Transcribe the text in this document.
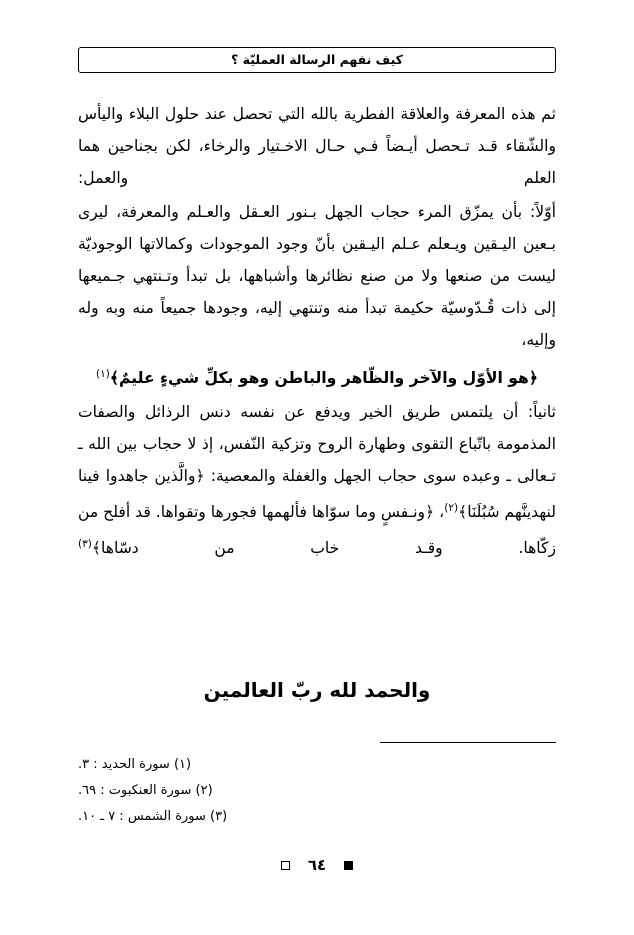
كيف نفهم الرسالة العمليّة ؟

ثم هذه المعرفة والعلاقة الفطرية بالله التي تحصل عند حلول البلاء واليأس والشّقاء قـد تـحصل أيـضاً فـي حـال الاخـتيار والرخاء، لكن بجناحين هما العلم والعمل:

أوّلاً: بأن يمزّق المرء حجاب الجهل بـنور العـقل والعـلم والمعرفة، ليرى بـعين اليـقين ويـعلم عـلم اليـقين بأنّ وجود الموجودات وكمالاتها الوجوديّة ليست من صنعها ولا من صنع نظائرها وأشباهها، بل تبدأ وتـنتهي جـميعها إلى ذات قُـدّوسيّة حكيمة تبدأ منه وتنتهي إليه، وجودها جميعاً منه وبه وله وإليه،

﴿هو الأوّل والآخر والظّاهر والباطن وهو بكلِّ شيءٍ عليمٌ﴾$^{(١)}$

ثانياً: أن يلتمس طريق الخير ويدفع عن نفسه دنس الرذائل والصفات المذمومة باتّباع التقوى وطهارة الروح وتزكية النّفس، إذ لا حجاب بين الله ـ تـعالى ـ وعبده سوى حجاب الجهل والغفلة والمعصية: ﴿والَّذين جاهدوا فينا لنهدينَّهم سُبُلَنَا﴾$^{(٢)}$، ﴿ونـفسٍ وما سوّاها فألهمها فجورها وتقواها. قد أفلح من زكّاها. وقـد خاب من دسّاها﴾$^{(٣)}$

والحمد لله ربّ العالمين

(١) سورة الحديد : ٣.

(٢) سورة العنكبوت : ٦٩.

(٣) سورة الشمس : ٧ ـ ١٠.

٦٤
